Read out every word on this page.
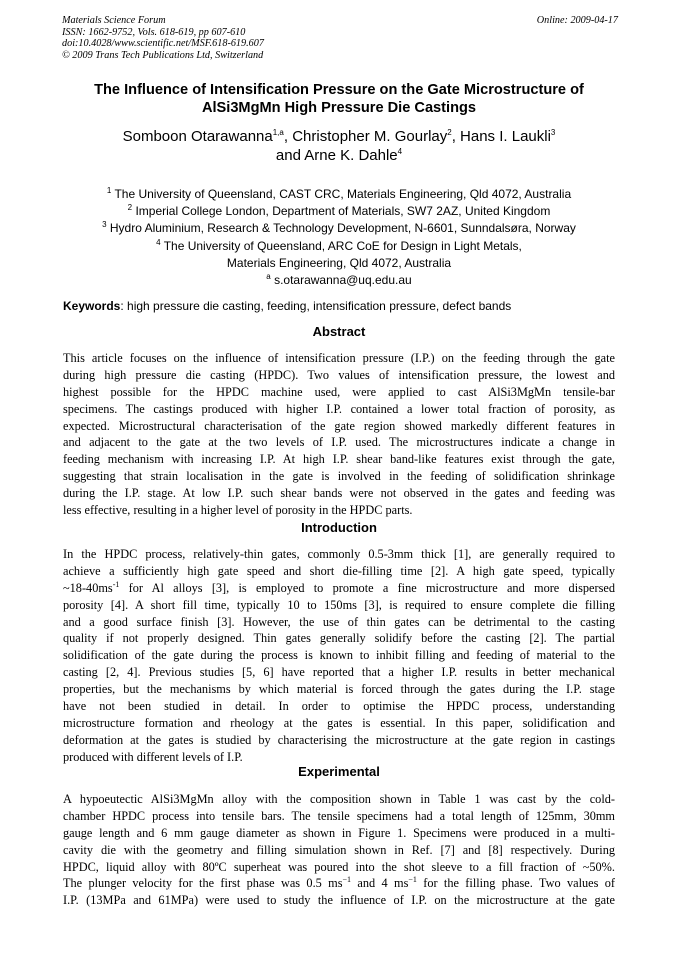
Materials Science Forum
ISSN: 1662-9752, Vols. 618-619, pp 607-610
doi:10.4028/www.scientific.net/MSF.618-619.607
© 2009 Trans Tech Publications Ltd, Switzerland
Online: 2009-04-17
The Influence of Intensification Pressure on the Gate Microstructure of
AlSi3MgMn High Pressure Die Castings
Somboon Otarawanna$^{1,a}$, Christopher M. Gourlay$^2$, Hans I. Laukli$^3$
and Arne K. Dahle$^4$
$^1$ The University of Queensland, CAST CRC, Materials Engineering, Qld 4072, Australia
$^2$ Imperial College London, Department of Materials, SW7 2AZ, United Kingdom
$^3$ Hydro Aluminium, Research & Technology Development, N-6601, Sunndalsøra, Norway
$^4$ The University of Queensland, ARC CoE for Design in Light Metals,
Materials Engineering, Qld 4072, Australia
$^a$ s.otarawanna@uq.edu.au
Keywords: high pressure die casting, feeding, intensification pressure, defect bands
Abstract
This article focuses on the influence of intensification pressure (I.P.) on the feeding through the gate
during high pressure die casting (HPDC). Two values of intensification pressure, the lowest and
highest possible for the HPDC machine used, were applied to cast AlSi3MgMn tensile-bar
specimens. The castings produced with higher I.P. contained a lower total fraction of porosity, as
expected. Microstructural characterisation of the gate region showed markedly different features in
and adjacent to the gate at the two levels of I.P. used. The microstructures indicate a change in
feeding mechanism with increasing I.P. At high I.P. shear band-like features exist through the gate,
suggesting that strain localisation in the gate is involved in the feeding of solidification shrinkage
during the I.P. stage. At low I.P. such shear bands were not observed in the gates and feeding was
less effective, resulting in a higher level of porosity in the HPDC parts.
Introduction
In the HPDC process, relatively-thin gates, commonly 0.5-3mm thick [1], are generally required to
achieve a sufficiently high gate speed and short die-filling time [2]. A high gate speed, typically
$\sim 18-40ms^{-1}$ for Al alloys [3], is employed to promote a fine microstructure and more dispersed
porosity [4]. A short fill time, typically 10 to 150ms [3], is required to ensure complete die filling
and a good surface finish [3]. However, the use of thin gates can be detrimental to the casting
quality if not properly designed. Thin gates generally solidify before the casting [2]. The partial
solidification of the gate during the process is known to inhibit filling and feeding of material to the
casting [2, 4]. Previous studies [5, 6] have reported that a higher I.P. results in better mechanical
properties, but the mechanisms by which material is forced through the gates during the I.P. stage
have not been studied in detail. In order to optimise the HPDC process, understanding
microstructure formation and rheology at the gates is essential. In this paper, solidification and
deformation at the gates is studied by characterising the microstructure at the gate region in castings
produced with different levels of I.P.
Experimental
A hypoeutectic AlSi3MgMn alloy with the composition shown in Table 1 was cast by the cold-
chamber HPDC process into tensile bars. The tensile specimens had a total length of 125mm, 30mm
gauge length and 6 mm gauge diameter as shown in Figure 1. Specimens were produced in a multi-
cavity die with the geometry and filling simulation shown in Ref. [7] and [8] respectively. During
HPDC, liquid alloy with 80ºC superheat was poured into the shot sleeve to a fill fraction of ~50%.
The plunger velocity for the first phase was 0.5 $ms^{-1}$ and 4 $ms^{-1}$ for the filling phase. Two values of
I.P. (13MPa and 61MPa) were used to study the influence of I.P. on the microstructure at the gate
